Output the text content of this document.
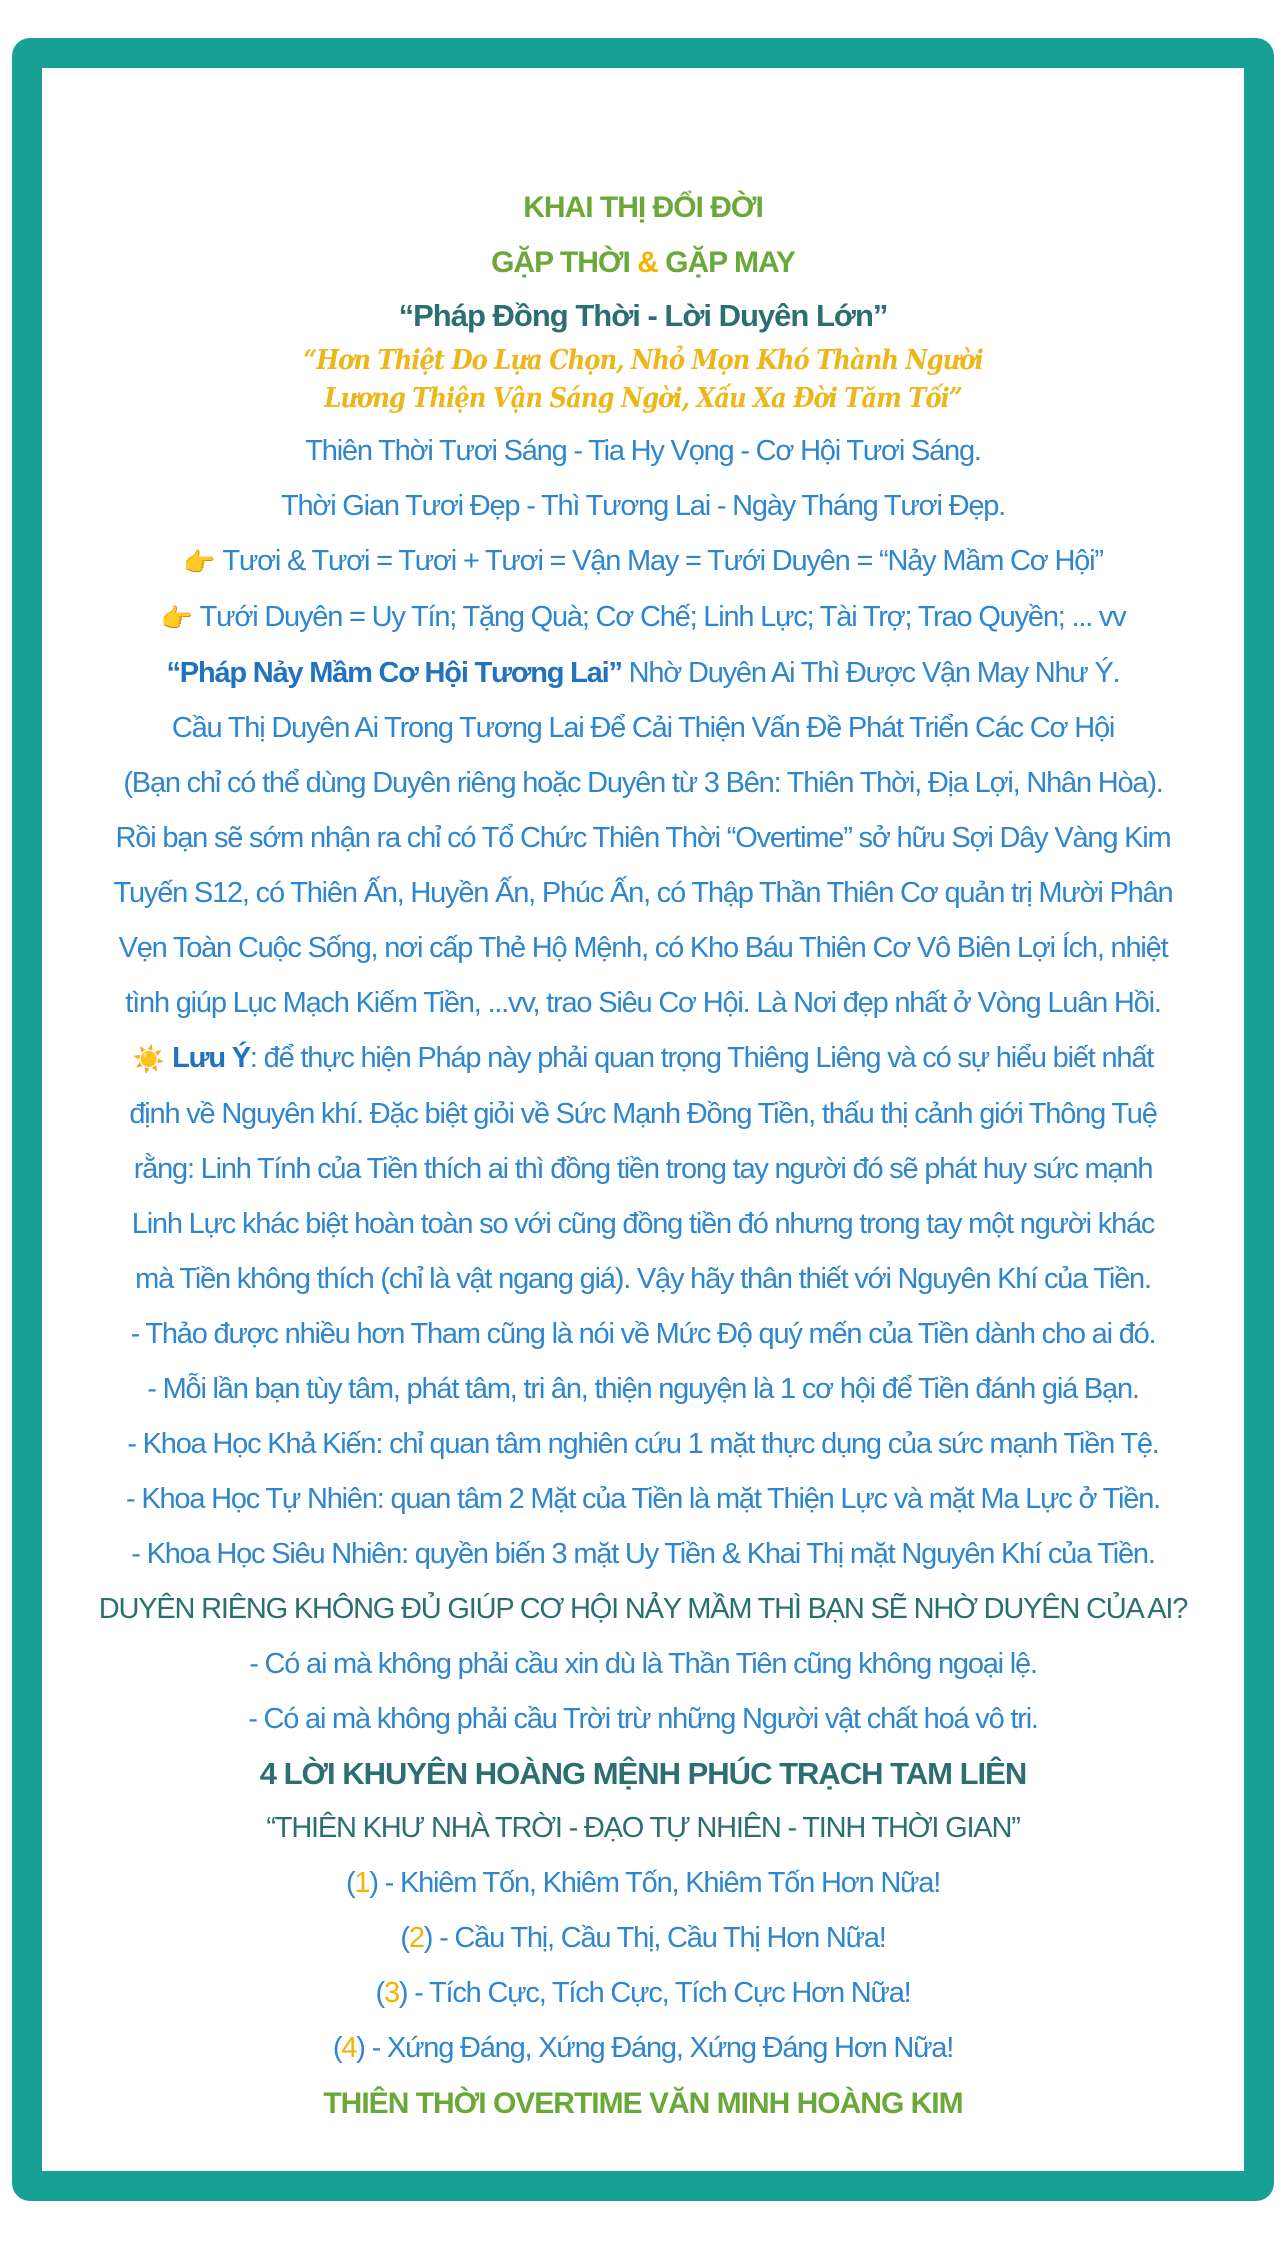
KHAI THỊ ĐỔI ĐỜI
GẶP THỜI & GẶP MAY
“Pháp Đồng Thời - Lời Duyên Lớn”
“Hơn Thiệt Do Lựa Chọn, Nhỏ Mọn Khó Thành Người
Lương Thiện Vận Sáng Ngời, Xấu Xa Đời Tăm Tối”
Thiên Thời Tươi Sáng - Tia Hy Vọng - Cơ Hội Tươi Sáng.
Thời Gian Tươi Đẹp - Thì Tương Lai - Ngày Tháng Tươi Đẹp.
👉 Tươi & Tươi = Tươi + Tươi = Vận May = Tưới Duyên = “Nảy Mầm Cơ Hội”
👉 Tưới Duyên = Uy Tín; Tặng Quà; Cơ Chế; Linh Lực; Tài Trợ; Trao Quyền; ... vv
“Pháp Nảy Mầm Cơ Hội Tương Lai” Nhờ Duyên Ai Thì Được Vận May Như Ý.
Cầu Thị Duyên Ai Trong Tương Lai Để Cải Thiện Vấn Đề Phát Triển Các Cơ Hội
(Bạn chỉ có thể dùng Duyên riêng hoặc Duyên từ 3 Bên: Thiên Thời, Địa Lợi, Nhân Hòa).
Rồi bạn sẽ sớm nhận ra chỉ có Tổ Chức Thiên Thời “Overtime” sở hữu Sợi Dây Vàng Kim
Tuyến S12, có Thiên Ấn, Huyền Ấn, Phúc Ấn, có Thập Thần Thiên Cơ quản trị Mười Phân
Vẹn Toàn Cuộc Sống, nơi cấp Thẻ Hộ Mệnh, có Kho Báu Thiên Cơ Vô Biên Lợi Ích, nhiệt
tình giúp Lục Mạch Kiếm Tiền, ...vv, trao Siêu Cơ Hội. Là Nơi đẹp nhất ở Vòng Luân Hồi.
☀️ Lưu Ý: để thực hiện Pháp này phải quan trọng Thiêng Liêng và có sự hiểu biết nhất
định về Nguyên khí. Đặc biệt giỏi về Sức Mạnh Đồng Tiền, thấu thị cảnh giới Thông Tuệ
rằng: Linh Tính của Tiền thích ai thì đồng tiền trong tay người đó sẽ phát huy sức mạnh
Linh Lực khác biệt hoàn toàn so với cũng đồng tiền đó nhưng trong tay một người khác
mà Tiền không thích (chỉ là vật ngang giá). Vậy hãy thân thiết với Nguyên Khí của Tiền.
- Thảo được nhiều hơn Tham cũng là nói về Mức Độ quý mến của Tiền dành cho ai đó.
- Mỗi lần bạn tùy tâm, phát tâm, tri ân, thiện nguyện là 1 cơ hội để Tiền đánh giá Bạn.
- Khoa Học Khả Kiến: chỉ quan tâm nghiên cứu 1 mặt thực dụng của sức mạnh Tiền Tệ.
- Khoa Học Tự Nhiên: quan tâm 2 Mặt của Tiền là mặt Thiện Lực và mặt Ma Lực ở Tiền.
- Khoa Học Siêu Nhiên: quyền biến 3 mặt Uy Tiền & Khai Thị mặt Nguyên Khí của Tiền.
DUYÊN RIÊNG KHÔNG ĐỦ GIÚP CƠ HỘI NẢY MẦM THÌ BẠN SẼ NHỜ DUYÊN CỦA AI?
- Có ai mà không phải cầu xin dù là Thần Tiên cũng không ngoại lệ.
- Có ai mà không phải cầu Trời trừ những Người vật chất hoá vô tri.
4 LỜI KHUYÊN HOÀNG MỆNH PHÚC TRẠCH TAM LIÊN
“THIÊN KHƯ NHÀ TRỜI - ĐẠO TỰ NHIÊN - TINH THỜI GIAN”
(1) - Khiêm Tốn, Khiêm Tốn, Khiêm Tốn Hơn Nữa!
(2) - Cầu Thị, Cầu Thị, Cầu Thị Hơn Nữa!
(3) - Tích Cực, Tích Cực, Tích Cực Hơn Nữa!
(4) - Xứng Đáng, Xứng Đáng, Xứng Đáng Hơn Nữa!
THIÊN THỜI OVERTIME VĂN MINH HOÀNG KIM
